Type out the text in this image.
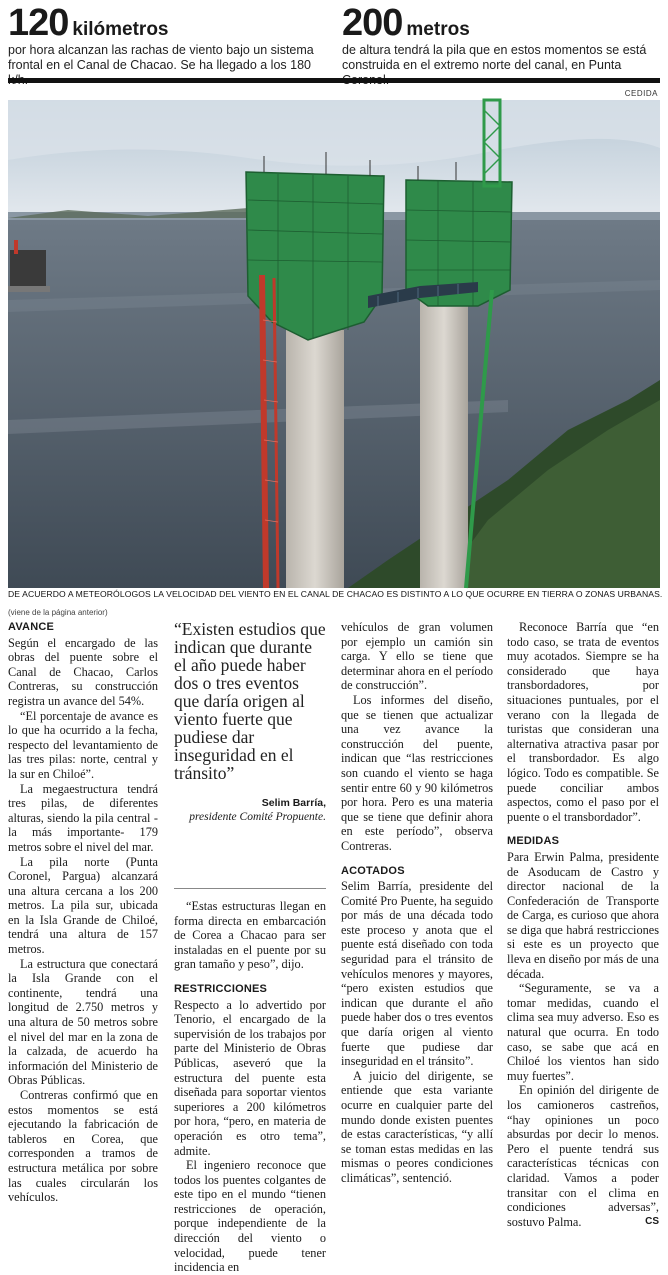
120 kilómetros
por hora alcanzan las rachas de viento bajo un sistema frontal en el Canal de Chacao. Se ha llegado a los 180
200 metros
de altura tendrá la pila que en estos momentos se está construida en el extremo norte del canal, en Punta
CEDIDA
DE ACUERDO A METEORÓLOGOS LA VELOCIDAD DEL VIENTO EN EL CANAL DE CHACAO ES DISTINTO A LO QUE OCURRE EN TIERRA O ZONAS URBANAS.
(viene de la página anterior)
AVANCE

Según el encargado de las obras del puente sobre el Canal de Chacao, Carlos Contreras, su construcción registra un avance del 54%.

“El porcentaje de avance es lo que ha ocurrido a la fecha, respecto del levantamiento de las tres pilas: norte, central y la sur en Chiloé”.

La megaestructura tendrá tres pilas, de diferentes alturas, siendo la pila central -la más importante- 179 metros sobre el nivel del mar.

La pila norte (Punta Coronel, Pargua) alcanzará una altura cercana a los 200 metros. La pila sur, ubicada en la Isla Grande de Chiloé, tendrá una altura de 157 metros.

La estructura que conectará la Isla Grande con el continente, tendrá una longitud de 2.750 metros y una altura de 50 metros sobre el nivel del mar en la zona de la calzada, de acuerdo ha información del Ministerio de Obras Públicas.

Contreras confirmó que en estos momentos se está ejecutando la fabricación de tableros en Corea, que corresponden a tramos de estructura metálica por sobre las cuales circularán los vehículos.

“Existen estudios que indican que durante el año puede haber dos o tres eventos que daría origen al viento fuerte que pudiese dar inseguridad en el tránsito”
Selim Barría,
presidente Comité Propuente.

“Estas estructuras llegan en forma directa en embarcación de Corea a Chacao para ser instaladas en el puente por su gran tamaño y peso”, dijo.

RESTRICCIONES

Respecto a lo advertido por Tenorio, el encargado de la supervisión de los trabajos por parte del Ministerio de Obras Públicas, aseveró que la estructura del puente esta diseñada para soportar vientos superiores a 200 kilómetros por hora, “pero, en materia de operación es otro tema”, admite.

El ingeniero reconoce que todos los puentes colgantes de este tipo en el mundo “tienen restricciones de operación, porque independiente de la dirección del viento o velocidad, puede tener incidencia en

vehículos de gran volumen por ejemplo un camión sin carga. Y ello se tiene que determinar ahora en el período de construcción”.

Los informes del diseño, que se tienen que actualizar una vez avance la construcción del puente, indican que “las restricciones son cuando el viento se haga sentir entre 60 y 90 kilómetros por hora. Pero es una materia que se tiene que definir ahora en este período”, observa Contreras.

ACOTADOS

Selim Barría, presidente del Comité Pro Puente, ha seguido por más de una década todo este proceso y anota que el puente está diseñado con toda seguridad para el tránsito de vehículos menores y mayores, “pero existen estudios que indican que durante el año puede haber dos o tres eventos que daría origen al viento fuerte que pudiese dar inseguridad en el tránsito”.

A juicio del dirigente, se entiende que esta variante ocurre en cualquier parte del mundo donde existen puentes de estas características, “y allí se toman estas medidas en las mismas o peores condiciones climáticas”, sentenció.

Reconoce Barría que “en todo caso, se trata de eventos muy acotados. Siempre se ha considerado que haya transbordadores, por situaciones puntuales, por el verano con la llegada de turistas que consideran una alternativa atractiva pasar por el transbordador. Es algo lógico. Todo es compatible. Se puede conciliar ambos aspectos, como el paso por el puente o el transbordador”.

MEDIDAS

Para Erwin Palma, presidente de Asoducam de Castro y director nacional de la Confederación de Transporte de Carga, es curioso que ahora se diga que habrá restricciones si este es un proyecto que lleva en diseño por más de una década.

“Seguramente, se va a tomar medidas, cuando el clima sea muy adverso. Eso es natural que ocurra. En todo caso, se sabe que acá en Chiloé los vientos han sido muy fuertes”.

En opinión del dirigente de los camioneros castreños, “hay opiniones un poco absurdas por decir lo menos. Pero el puente tendrá sus características técnicas con claridad. Vamos a poder transitar con el clima en condiciones adversas”, sostuvo Palma.	CS
